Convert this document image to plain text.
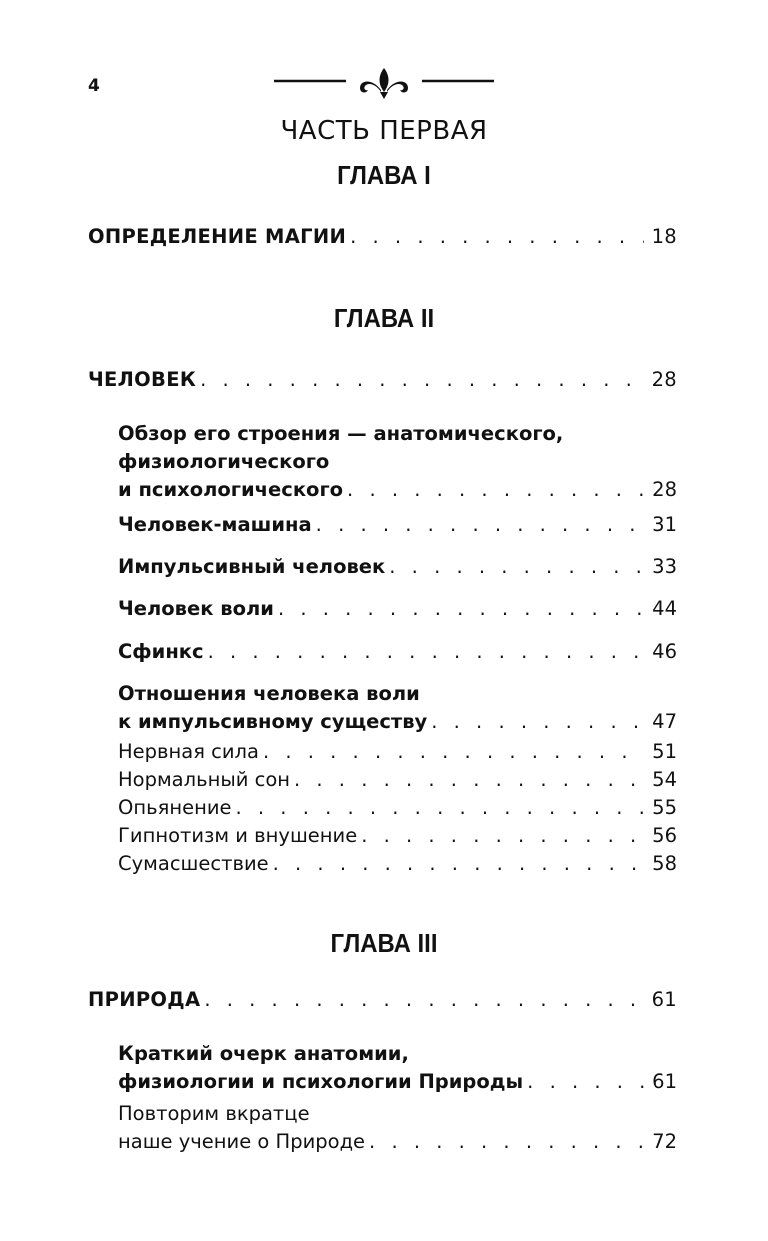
4
ЧАСТЬ ПЕРВАЯ
ГЛАВА I
ОПРЕДЕЛЕНИЕ МАГИИ . . .	18
ГЛАВА II
ЧЕЛОВЕК . . .	28
Обзор его строения — анатомического,
физиологического
и психологического . . .	28
Человек-машина . . .	31
Импульсивный человек . . .	33
Человек воли . . .	44
Сфинкс . . .	46
Отношения человека воли
к импульсивному существу . . .	47
Нервная сила . . .	51
Нормальный сон . . .	54
Опьянение . . .	55
Гипнотизм и внушение . . .	56
Сумасшествие . . .	58
ГЛАВА III
ПРИРОДА . . .	61
Краткий очерк анатомии,
физиологии и психологии Природы . . .	61
Повторим вкратце
наше учение о Природе . . .	72
